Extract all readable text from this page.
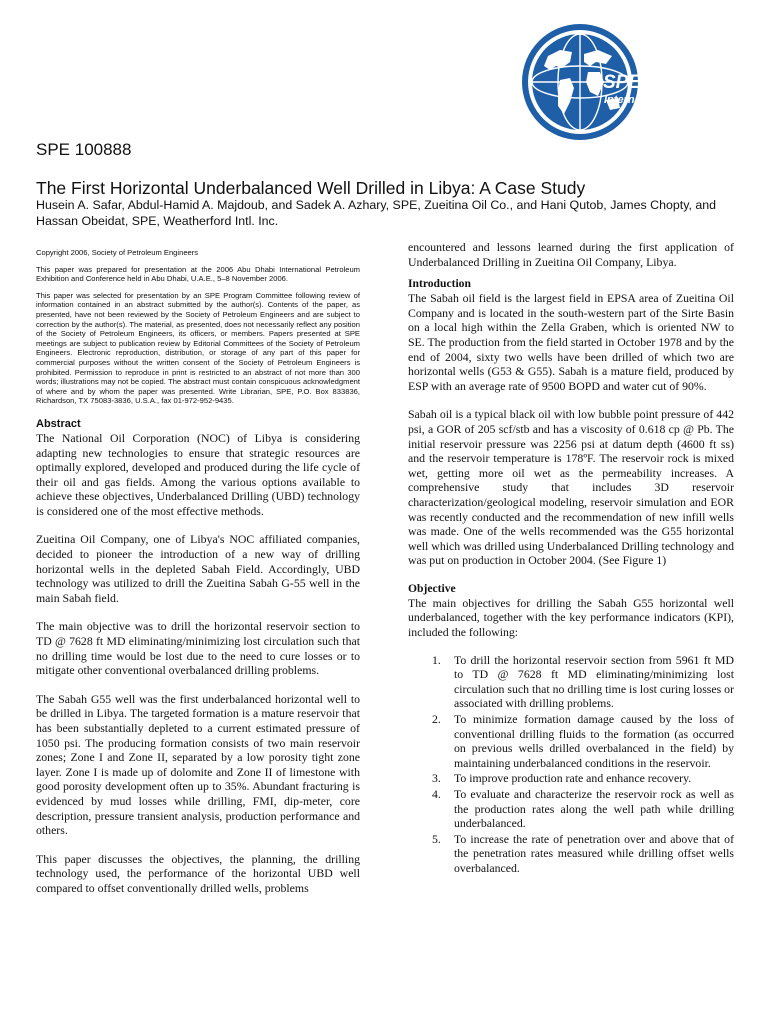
SPE
International
SPE 100888
The First Horizontal Underbalanced Well Drilled in Libya: A Case Study

Husein A. Safar, Abdul-Hamid A. Majdoub, and Sadek A. Azhary, SPE, Zueitina Oil Co., and Hani Qutob, James Chopty, and Hassan Obeidat, SPE, Weatherford Intl. Inc.

Copyright 2006, Society of Petroleum Engineers

This paper was prepared for presentation at the 2006 Abu Dhabi International Petroleum Exhibition and Conference held in Abu Dhabi, U.A.E., 5–8 November 2006.

This paper was selected for presentation by an SPE Program Committee following review of information contained in an abstract submitted by the author(s). Contents of the paper, as presented, have not been reviewed by the Society of Petroleum Engineers and are subject to correction by the author(s). The material, as presented, does not necessarily reflect any position of the Society of Petroleum Engineers, its officers, or members. Papers presented at SPE meetings are subject to publication review by Editorial Committees of the Society of Petroleum Engineers. Electronic reproduction, distribution, or storage of any part of this paper for commercial purposes without the written consent of the Society of Petroleum Engineers is prohibited. Permission to reproduce in print is restricted to an abstract of not more than 300 words; illustrations may not be copied. The abstract must contain conspicuous acknowledgment of where and by whom the paper was presented. Write Librarian, SPE, P.O. Box 833836, Richardson, TX 75083-3836, U.S.A., fax 01-972-952-9435.

Abstract

The National Oil Corporation (NOC) of Libya is considering adapting new technologies to ensure that strategic resources are optimally explored, developed and produced during the life cycle of their oil and gas fields. Among the various options available to achieve these objectives, Underbalanced Drilling (UBD) technology is considered one of the most effective methods.

Zueitina Oil Company, one of Libya's NOC affiliated companies, decided to pioneer the introduction of a new way of drilling horizontal wells in the depleted Sabah Field. Accordingly, UBD technology was utilized to drill the Zueitina Sabah G-55 well in the main Sabah field.

The main objective was to drill the horizontal reservoir section to TD @ 7628 ft MD eliminating/minimizing lost circulation such that no drilling time would be lost due to the need to cure losses or to mitigate other conventional overbalanced drilling problems.

The Sabah G55 well was the first underbalanced horizontal well to be drilled in Libya. The targeted formation is a mature reservoir that has been substantially depleted to a current estimated pressure of 1050 psi. The producing formation consists of two main reservoir zones; Zone I and Zone II, separated by a low porosity tight zone layer. Zone I is made up of dolomite and Zone II of limestone with good porosity development often up to 35%. Abundant fracturing is evidenced by mud losses while drilling, FMI, dip-meter, core description, pressure transient analysis, production performance and others.

This paper discusses the objectives, the planning, the drilling technology used, the performance of the horizontal UBD well compared to offset conventionally drilled wells, problems

encountered and lessons learned during the first application of Underbalanced Drilling in Zueitina Oil Company, Libya.

Introduction

The Sabah oil field is the largest field in EPSA area of Zueitina Oil Company and is located in the south-western part of the Sirte Basin on a local high within the Zella Graben, which is oriented NW to SE. The production from the field started in October 1978 and by the end of 2004, sixty two wells have been drilled of which two are horizontal wells (G53 & G55). Sabah is a mature field, produced by ESP with an average rate of 9500 BOPD and water cut of 90%.

Sabah oil is a typical black oil with low bubble point pressure of 442 psi, a GOR of 205 scf/stb and has a viscosity of 0.618 cp @ Pb. The initial reservoir pressure was 2256 psi at datum depth (4600 ft ss) and the reservoir temperature is 178ºF. The reservoir rock is mixed wet, getting more oil wet as the permeability increases. A comprehensive study that includes 3D reservoir characterization/geological modeling, reservoir simulation and EOR was recently conducted and the recommendation of new infill wells was made. One of the wells recommended was the G55 horizontal well which was drilled using Underbalanced Drilling technology and was put on production in October 2004. (See Figure 1)

Objective

The main objectives for drilling the Sabah G55 horizontal well underbalanced, together with the key performance indicators (KPI), included the following:

1. To drill the horizontal reservoir section from 5961 ft MD to TD @ 7628 ft MD eliminating/minimizing lost circulation such that no drilling time is lost curing losses or associated with drilling problems.
2. To minimize formation damage caused by the loss of conventional drilling fluids to the formation (as occurred on previous wells drilled overbalanced in the field) by maintaining underbalanced conditions in the reservoir.
3. To improve production rate and enhance recovery.
4. To evaluate and characterize the reservoir rock as well as the production rates along the well path while drilling underbalanced.
5. To increase the rate of penetration over and above that of the penetration rates measured while drilling offset wells overbalanced.
